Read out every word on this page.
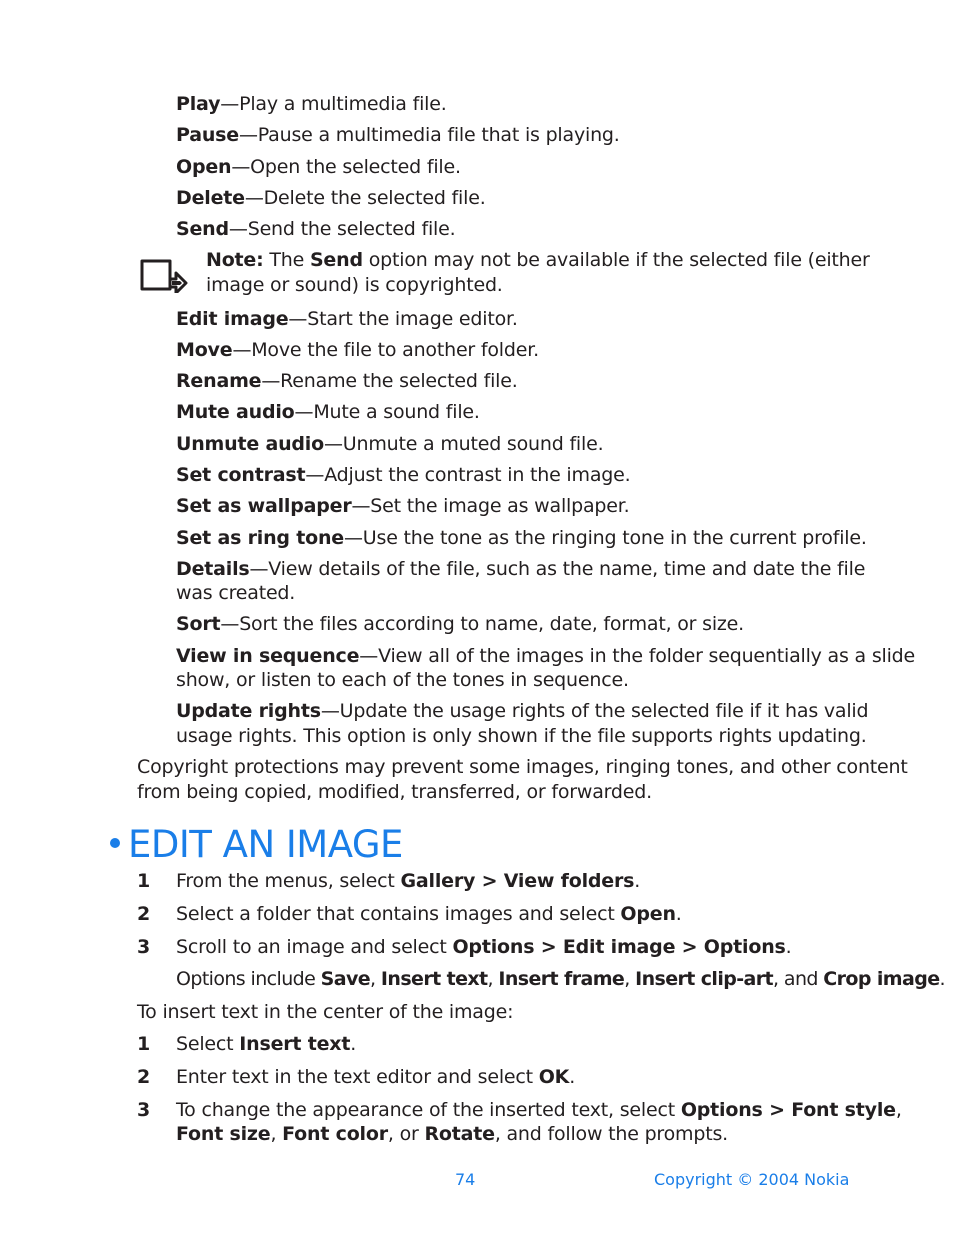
Play—Play a multimedia file.
Pause—Pause a multimedia file that is playing.
Open—Open the selected file.
Delete—Delete the selected file.
Send—Send the selected file.
Note: The Send option may not be available if the selected file (either
image or sound) is copyrighted.
Edit image—Start the image editor.
Move—Move the file to another folder.
Rename—Rename the selected file.
Mute audio—Mute a sound file.
Unmute audio—Unmute a muted sound file.
Set contrast—Adjust the contrast in the image.
Set as wallpaper—Set the image as wallpaper.
Set as ring tone—Use the tone as the ringing tone in the current profile.
Details—View details of the file, such as the name, time and date the file
was created.
Sort—Sort the files according to name, date, format, or size.
View in sequence—View all of the images in the folder sequentially as a slide
show, or listen to each of the tones in sequence.
Update rights—Update the usage rights of the selected file if it has valid
usage rights. This option is only shown if the file supports rights updating.
Copyright protections may prevent some images, ringing tones, and other content
from being copied, modified, transferred, or forwarded.
EDIT AN IMAGE
1 From the menus, select Gallery > View folders.
2 Select a folder that contains images and select Open.
3 Scroll to an image and select Options > Edit image > Options.
Options include Save, Insert text, Insert frame, Insert clip-art, and Crop image.
To insert text in the center of the image:
1 Select Insert text.
2 Enter text in the text editor and select OK.
3 To change the appearance of the inserted text, select Options > Font style,
Font size, Font color, or Rotate, and follow the prompts.
74	Copyright © 2004 Nokia
